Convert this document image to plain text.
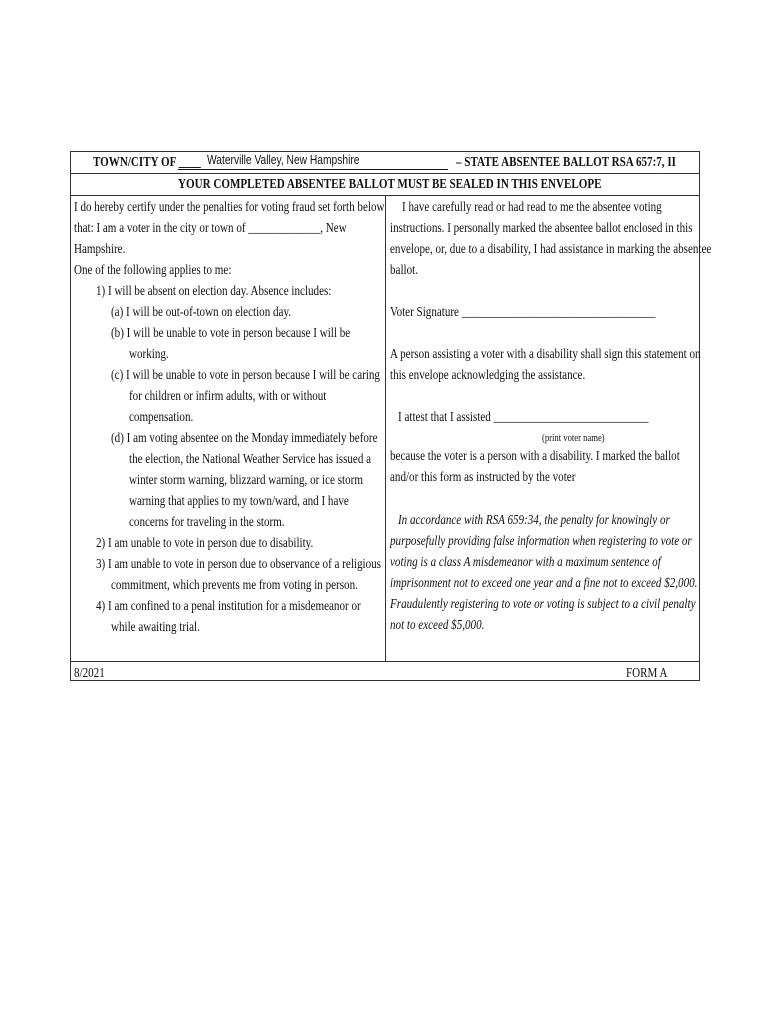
TOWN/CITY OF ____ Waterville Valley, New Hampshire	– STATE ABSENTEE BALLOT RSA 657:7, II
YOUR COMPLETED ABSENTEE BALLOT MUST BE SEALED IN THIS ENVELOPE
I do hereby certify under the penalties for voting fraud set forth below
that: I am a voter in the city or town of _____________, New
Hampshire.
One of the following applies to me:
1) I will be absent on election day. Absence includes:
(a) I will be out-of-town on election day.
(b) I will be unable to vote in person because I will be
working.
(c) I will be unable to vote in person because I will be caring
for children or infirm adults, with or without
compensation.
(d) I am voting absentee on the Monday immediately before
the election, the National Weather Service has issued a
winter storm warning, blizzard warning, or ice storm
warning that applies to my town/ward, and I have
concerns for traveling in the storm.
2) I am unable to vote in person due to disability.
3) I am unable to vote in person due to observance of a religious
commitment, which prevents me from voting in person.
4) I am confined to a penal institution for a misdemeanor or
while awaiting trial.
I have carefully read or had read to me the absentee voting
instructions. I personally marked the absentee ballot enclosed in this
envelope, or, due to a disability, I had assistance in marking the absentee
ballot.
Voter Signature ___________________________________
A person assisting a voter with a disability shall sign this statement on
this envelope acknowledging the assistance.
I attest that I assisted ____________________________
(print voter name)
because the voter is a person with a disability. I marked the ballot
and/or this form as instructed by the voter
In accordance with RSA 659:34, the penalty for knowingly or
purposefully providing false information when registering to vote or
voting is a class A misdemeanor with a maximum sentence of
imprisonment not to exceed one year and a fine not to exceed $2,000.
Fraudulently registering to vote or voting is subject to a civil penalty
not to exceed $5,000.
8/2021	FORM A
